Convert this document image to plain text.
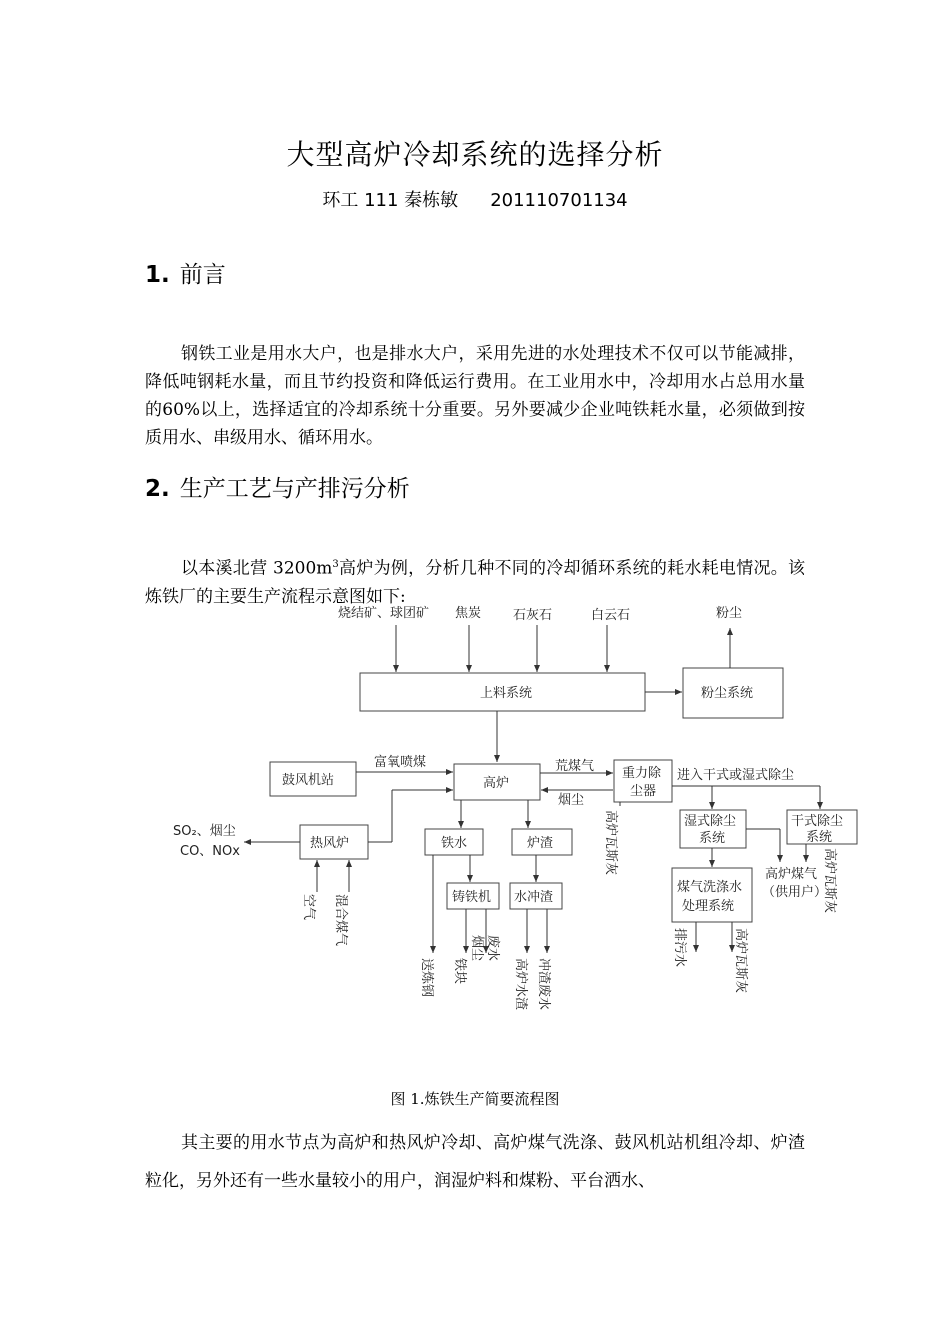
大型高炉冷却系统的选择分析
环工 111 秦栋敏 201110701134
1. 前言

钢铁工业是用水大户，也是排水大户，采用先进的水处理技术不仅可以节能减排，降低吨钢耗水量，而且节约投资和降低运行费用。在工业用水中，冷却用水占总用水量的60%以上，选择适宜的冷却系统十分重要。另外要减少企业吨铁耗水量，必须做到按质用水、串级用水、循环用水。

2. 生产工艺与产排污分析

以本溪北营 $3200m^3$高炉为例，分析几种不同的冷却循环系统的耗水耗电情况。该炼铁厂的主要生产流程示意图如下:

烧结矿、球团矿 焦炭 石灰石	白云石	粉尘
上料系统	粉尘系统
鼓风机站
富氧喷煤
高炉
荒煤气
烟尘
重力除
尘器
进入干式或湿式除尘
高炉瓦斯灰	湿式除尘
系统
干式除尘
系统
高炉瓦斯灰
高炉煤气
（供用户）
煤气洗涤水
处理系统
排污水	高炉瓦斯灰
热风炉
SO₂、烟尘
CO、NOx
空气 混合煤气
铁水	炉渣
铸铁机 水冲渣
送炼钢
烟尘 废水
铁块	冲渣废水
高炉水渣
图 1.炼铁生产简要流程图

其主要的用水节点为高炉和热风炉冷却、高炉煤气洗涤、鼓风机站机组冷却、炉渣粒化，另外还有一些水量较小的用户，润湿炉料和煤粉、平台洒水、
